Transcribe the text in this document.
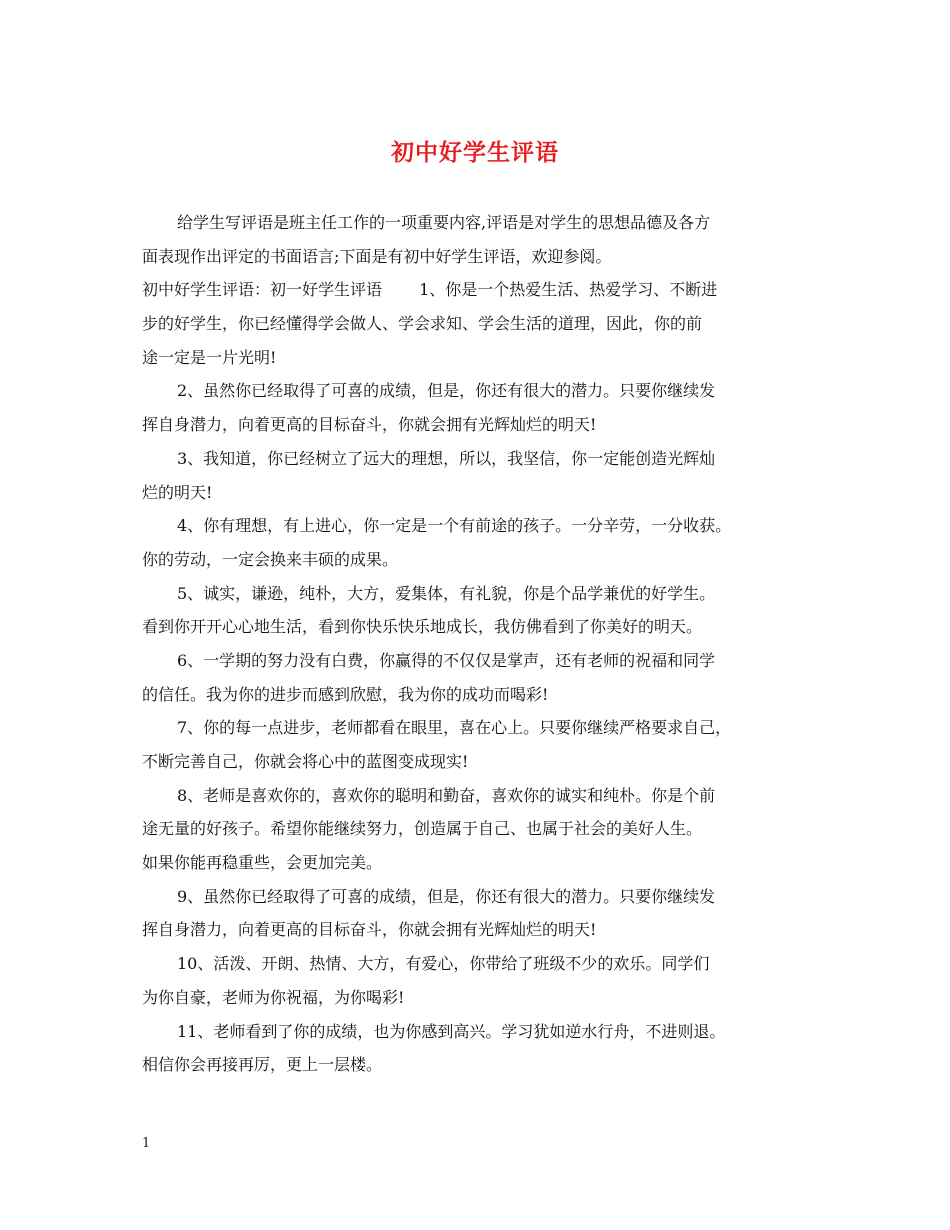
初中好学生评语
给学生写评语是班主任工作的一项重要内容,评语是对学生的思想品德及各方
面表现作出评定的书面语言;下面是有初中好学生评语，欢迎参阅。
初中好学生评语：初一好学生评语　　 1、你是一个热爱生活、热爱学习、不断进
步的好学生，你已经懂得学会做人、学会求知、学会生活的道理，因此，你的前
途一定是一片光明!
2、虽然你已经取得了可喜的成绩，但是，你还有很大的潜力。只要你继续发
挥自身潜力，向着更高的目标奋斗，你就会拥有光辉灿烂的明天!
3、我知道，你已经树立了远大的理想，所以，我坚信，你一定能创造光辉灿
烂的明天!
4、你有理想，有上进心，你一定是一个有前途的孩子。一分辛劳，一分收获。
你的劳动，一定会换来丰硕的成果。
5、诚实，谦逊，纯朴，大方，爱集体，有礼貌，你是个品学兼优的好学生。
看到你开开心心地生活，看到你快乐快乐地成长，我仿佛看到了你美好的明天。
6、一学期的努力没有白费，你赢得的不仅仅是掌声，还有老师的祝福和同学
的信任。我为你的进步而感到欣慰，我为你的成功而喝彩!
7、你的每一点进步，老师都看在眼里，喜在心上。只要你继续严格要求自己，
不断完善自己，你就会将心中的蓝图变成现实!
8、老师是喜欢你的，喜欢你的聪明和勤奋，喜欢你的诚实和纯朴。你是个前
途无量的好孩子。希望你能继续努力，创造属于自己、也属于社会的美好人生。
如果你能再稳重些，会更加完美。
9、虽然你已经取得了可喜的成绩，但是，你还有很大的潜力。只要你继续发
挥自身潜力，向着更高的目标奋斗，你就会拥有光辉灿烂的明天!
10、活泼、开朗、热情、大方，有爱心，你带给了班级不少的欢乐。同学们
为你自豪，老师为你祝福，为你喝彩!
11、老师看到了你的成绩，也为你感到高兴。学习犹如逆水行舟，不进则退。
相信你会再接再厉，更上一层楼。
1
